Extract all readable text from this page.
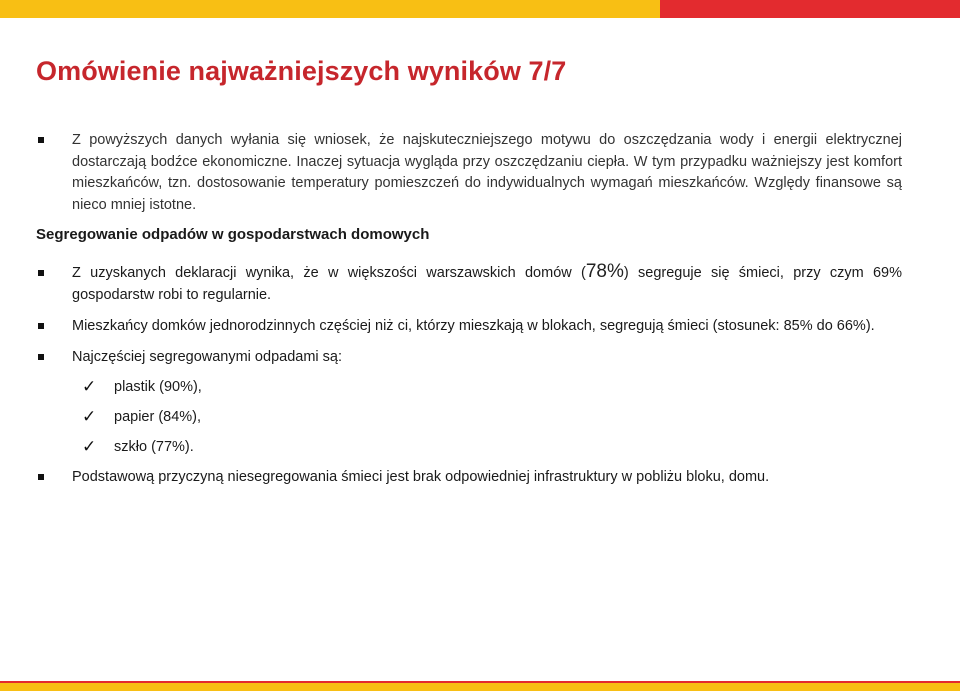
Omówienie najważniejszych wyników 7/7
Z powyższych danych wyłania się wniosek, że najskuteczniejszego motywu do oszczędzania wody i energii elektrycznej dostarczają bodźce ekonomiczne. Inaczej sytuacja wygląda przy oszczędzaniu ciepła. W tym przypadku ważniejszy jest komfort mieszkańców, tzn. dostosowanie temperatury pomieszczeń do indywidualnych wymagań mieszkańców. Względy finansowe są nieco mniej istotne.
Segregowanie odpadów w gospodarstwach domowych
Z uzyskanych deklaracji wynika, że w większości warszawskich domów (78%) segreguje się śmieci, przy czym 69% gospodarstw robi to regularnie.
Mieszkańcy domków jednorodzinnych częściej niż ci, którzy mieszkają w blokach, segregują śmieci (stosunek: 85% do 66%).
Najczęściej segregowanymi odpadami są:
✓ plastik (90%),
✓ papier (84%),
✓ szkło (77%).
Podstawową przyczyną niesegregowania śmieci jest brak odpowiedniej infrastruktury w pobliżu bloku, domu.
